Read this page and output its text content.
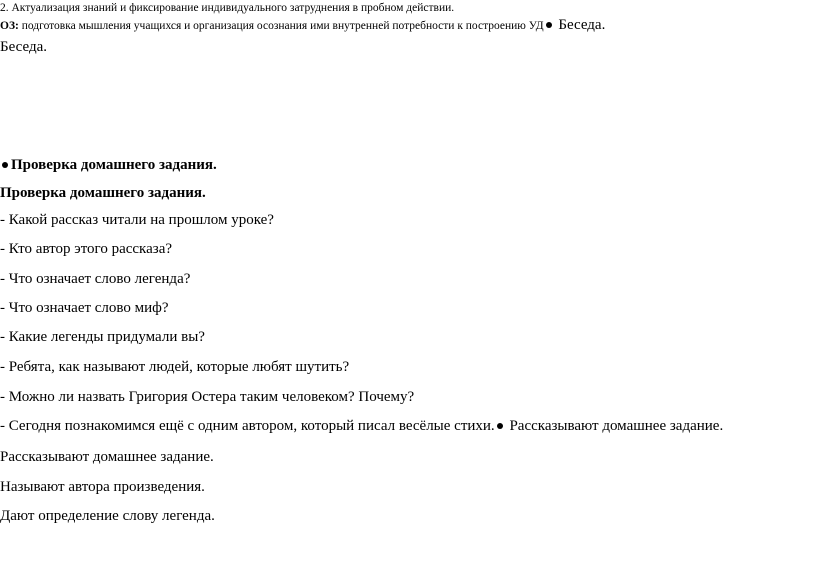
2. Актуализация знаний и фиксирование индивидуального затруднения в пробном действии.
ОЗ: подготовка мышления учащихся и организация осознания ими внутренней потребности к построению УД Беседа.
Беседа.
Проверка домашнего задания.
Проверка домашнего задания.
- Какой рассказ читали на прошлом уроке?
- Кто автор этого рассказа?
- Что означает слово легенда?
- Что означает слово миф?
- Какие легенды придумали вы?
- Ребята, как называют людей, которые любят шутить?
- Можно ли назвать Григория Остера таким человеком? Почему?
- Сегодня познакомимся ещё с одним автором, который писал весёлые стихи. Рассказывают домашнее задание.
Рассказывают домашнее задание.
Называют автора произведения.
Дают определение слову легенда.
